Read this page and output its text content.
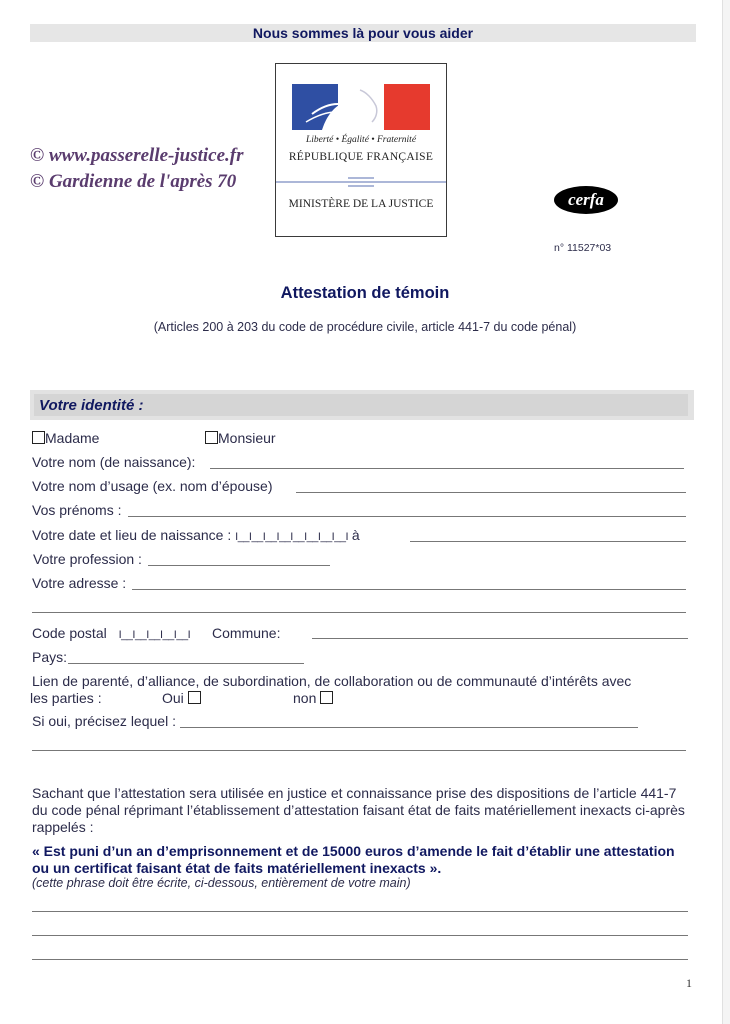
Nous sommes là pour vous aider
© www.passerelle-justice.fr
© Gardienne de l'après 70
Liberté • Égalité • Fraternité
RÉPUBLIQUE FRANÇAISE
MINISTÈRE DE LA JUSTICE	cerfa
n° 11527*03
Attestation de témoin
(Articles 200 à 203 du code de procédure civile, article 441-7 du code pénal)
Votre identité :
Madame	Monsieur
Votre nom (de naissance):
Votre nom d’usage (ex. nom d’épouse)
Vos prénoms :
Votre date et lieu de naissance : I__I__I__I__I__I__I__I__I à
Votre profession :
Votre adresse :
Code postal I__I__I__I__I__I Commune:
Pays:
Lien de parenté, d’alliance, de subordination, de collaboration ou de communauté d’intérêts avec
les parties :	Oui	non
Si oui, précisez lequel :
Sachant que l’attestation sera utilisée en justice et connaissance prise des dispositions de l’article 441-7 du code pénal réprimant l’établissement d’attestation faisant état de faits matériellement inexacts ci-après rappelés :
« Est puni d’un an d’emprisonnement et de 15000 euros d’amende le fait d’établir une attestation ou un certificat faisant état de faits matériellement inexacts ».
(cette phrase doit être écrite, ci-dessous, entièrement de votre main)
1
